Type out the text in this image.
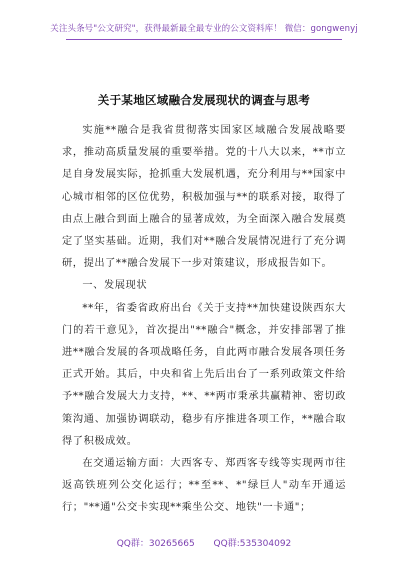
关注头条号"公文研究"，获得最新最全最专业的公文资料库！ 微信：gongwenyj
关于某地区域融合发展现状的调查与思考

实施**融合是我省贯彻落实国家区域融合发展战略要求，推动高质量发展的重要举措。党的十八大以来，**市立足自身发展实际，抢抓重大发展机遇，充分利用与**国家中心城市相邻的区位优势，积极加强与**的联系对接，取得了由点上融合到面上融合的显著成效，为全面深入融合发展奠定了坚实基础。近期，我们对**融合发展情况进行了充分调研，提出了**融合发展下一步对策建议，形成报告如下。

一、发展现状

**年，省委省政府出台《关于支持**加快建设陕西东大门的若干意见》，首次提出"**融合"概念，并安排部署了推进**融合发展的各项战略任务，自此两市融合发展各项任务正式开始。其后，中央和省上先后出台了一系列政策文件给予**融合发展大力支持，**、**两市秉承共赢精神、密切政策沟通、加强协调联动，稳步有序推进各项工作，**融合取得了积极成效。

在交通运输方面：大西客专、郑西客专线等实现两市往返高铁班列公交化运行；**至**、*"绿巨人"动车开通运行；"**通"公交卡实现**乘坐公交、地铁"一卡通"；

QQ群：30265665 QQ群:535304092
